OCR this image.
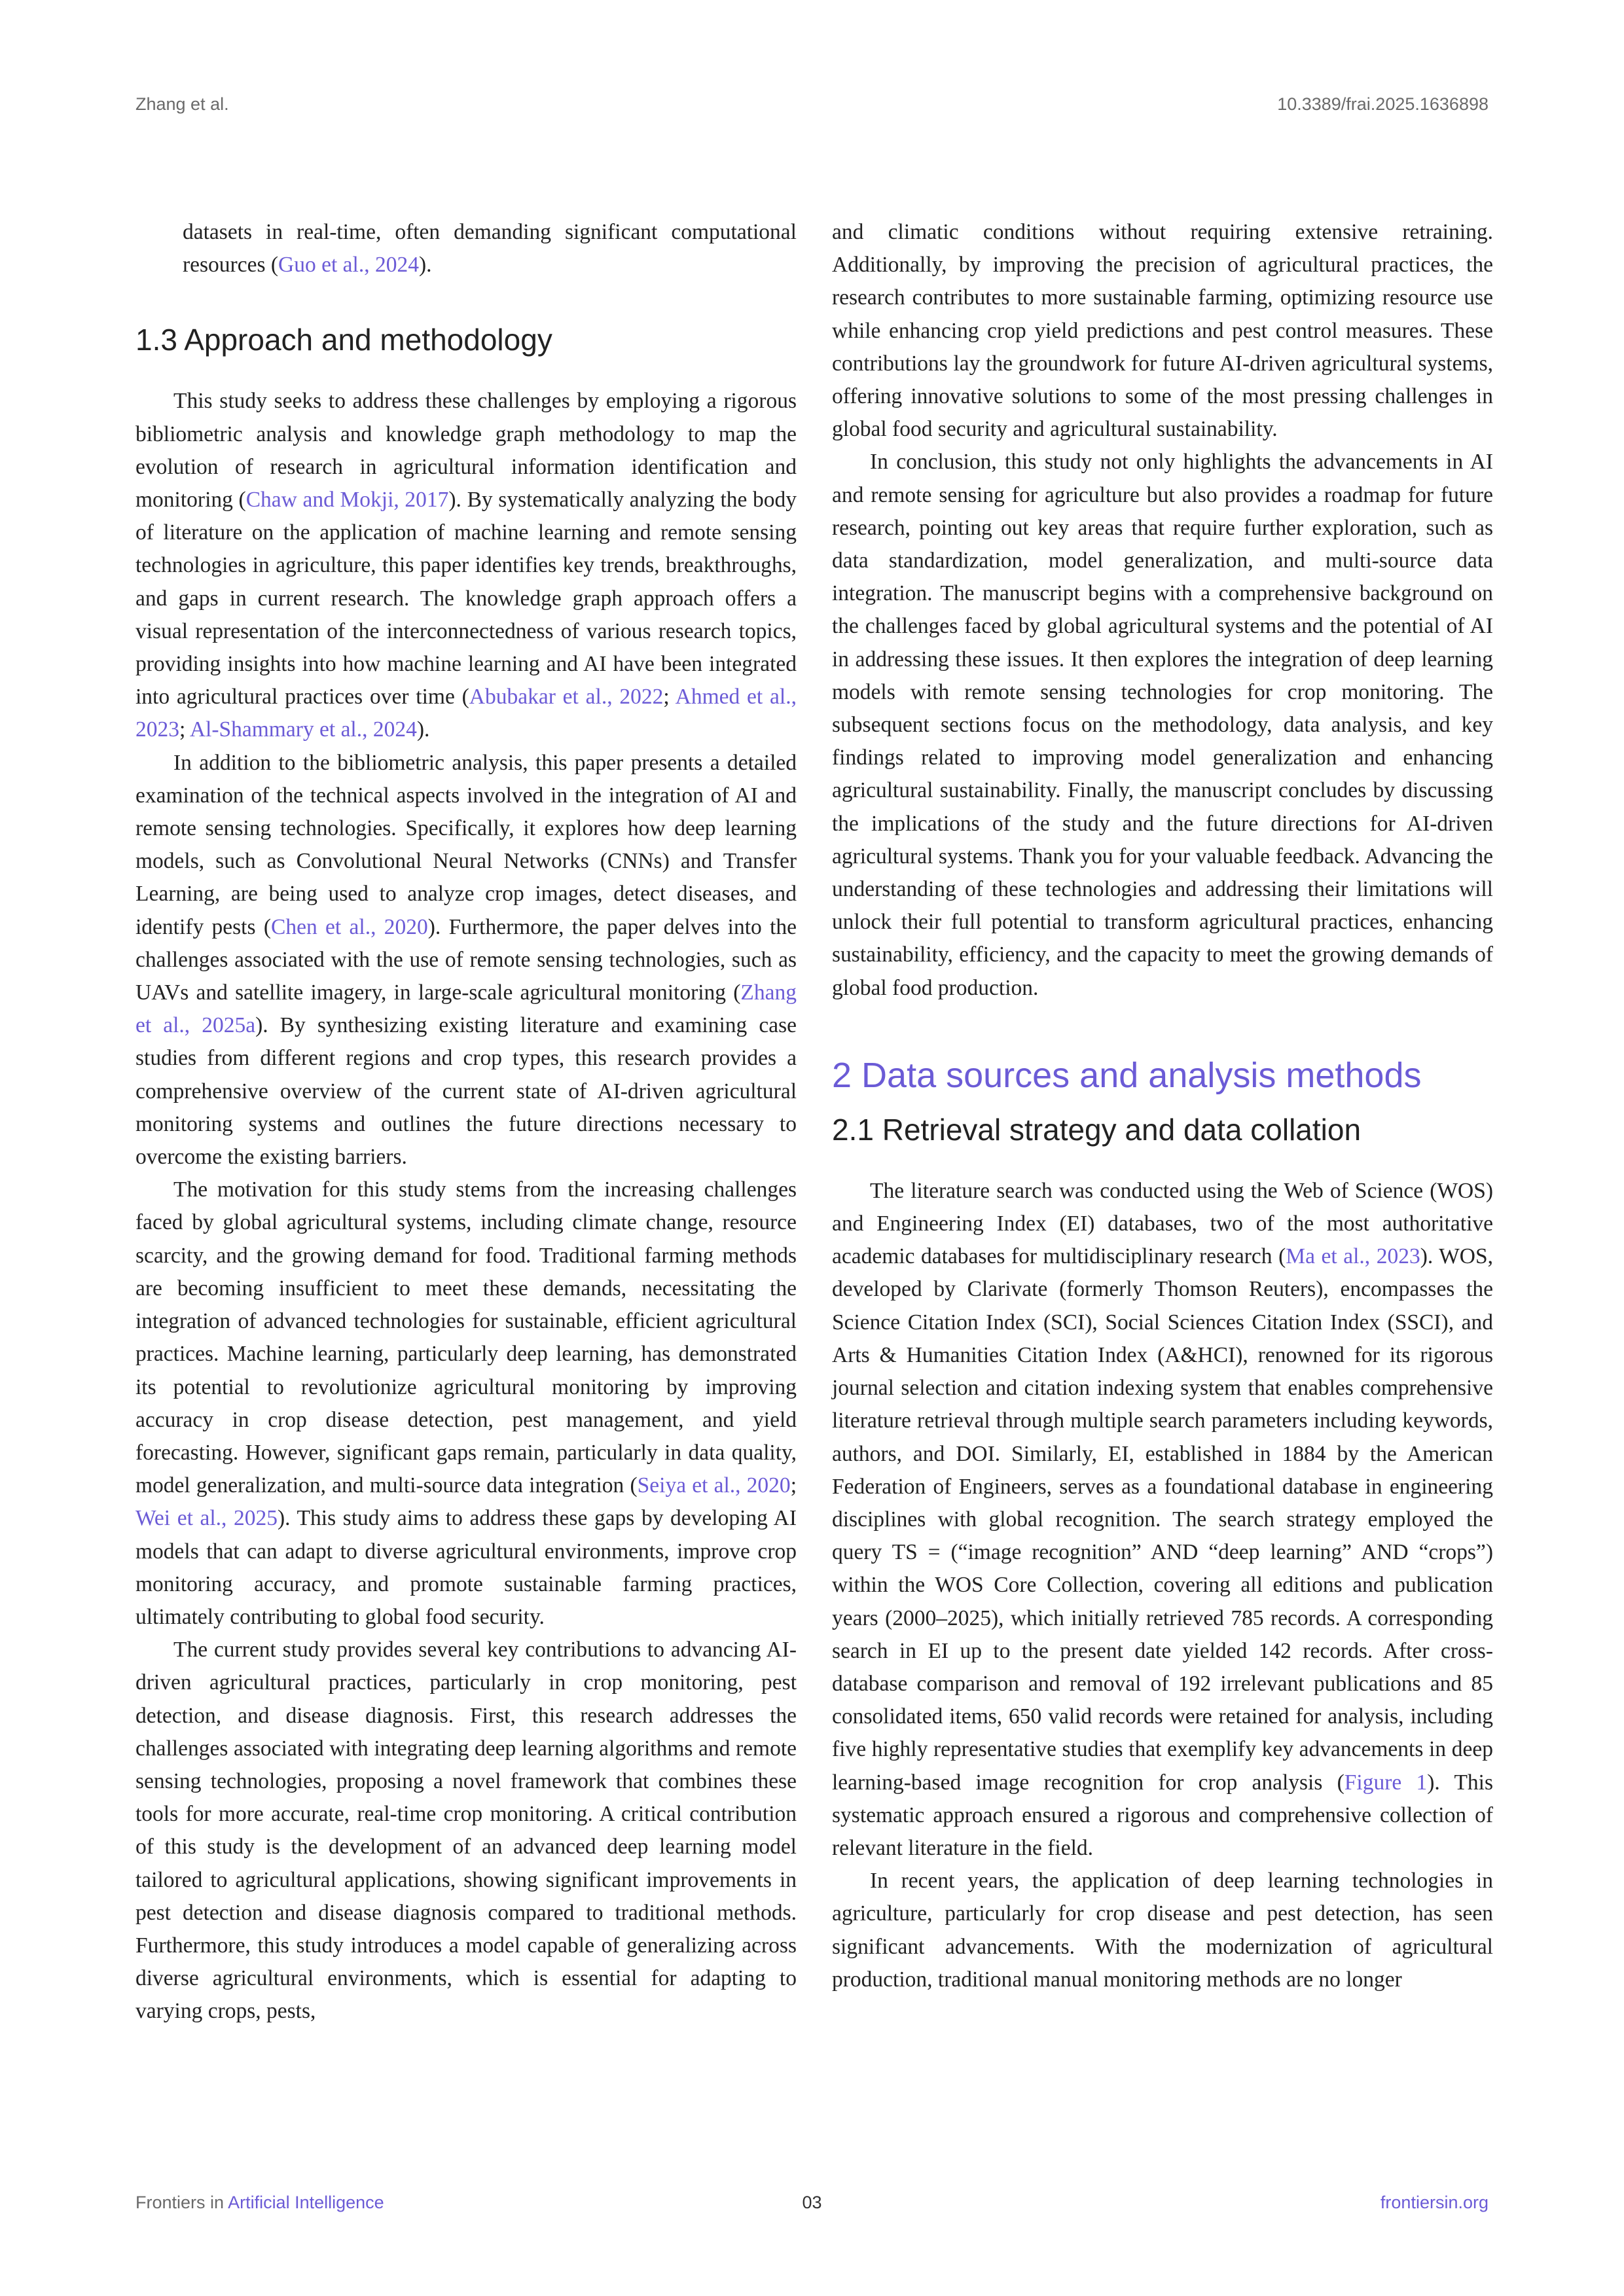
Zhang et al.	10.3389/frai.2025.1636898

datasets in real-time, often demanding significant computational resources (Guo et al., 2024).

1.3 Approach and methodology

This study seeks to address these challenges by employing a rigorous bibliometric analysis and knowledge graph methodology to map the evolution of research in agricultural information identification and monitoring (Chaw and Mokji, 2017). By systematically analyzing the body of literature on the application of machine learning and remote sensing technologies in agriculture, this paper identifies key trends, breakthroughs, and gaps in current research. The knowledge graph approach offers a visual representation of the interconnectedness of various research topics, providing insights into how machine learning and AI have been integrated into agricultural practices over time (Abubakar et al., 2022; Ahmed et al., 2023; Al-Shammary et al., 2024).

In addition to the bibliometric analysis, this paper presents a detailed examination of the technical aspects involved in the integration of AI and remote sensing technologies. Specifically, it explores how deep learning models, such as Convolutional Neural Networks (CNNs) and Transfer Learning, are being used to analyze crop images, detect diseases, and identify pests (Chen et al., 2020). Furthermore, the paper delves into the challenges associated with the use of remote sensing technologies, such as UAVs and satellite imagery, in large-scale agricultural monitoring (Zhang et al., 2025a). By synthesizing existing literature and examining case studies from different regions and crop types, this research provides a comprehensive overview of the current state of AI-driven agricultural monitoring systems and outlines the future directions necessary to overcome the existing barriers.

The motivation for this study stems from the increasing challenges faced by global agricultural systems, including climate change, resource scarcity, and the growing demand for food. Traditional farming methods are becoming insufficient to meet these demands, necessitating the integration of advanced technologies for sustainable, efficient agricultural practices. Machine learning, particularly deep learning, has demonstrated its potential to revolutionize agricultural monitoring by improving accuracy in crop disease detection, pest management, and yield forecasting. However, significant gaps remain, particularly in data quality, model generalization, and multi-source data integration (Seiya et al., 2020; Wei et al., 2025). This study aims to address these gaps by developing AI models that can adapt to diverse agricultural environments, improve crop monitoring accuracy, and promote sustainable farming practices, ultimately contributing to global food security.

The current study provides several key contributions to advancing AI-driven agricultural practices, particularly in crop monitoring, pest detection, and disease diagnosis. First, this research addresses the challenges associated with integrating deep learning algorithms and remote sensing technologies, proposing a novel framework that combines these tools for more accurate, real-time crop monitoring. A critical contribution of this study is the development of an advanced deep learning model tailored to agricultural applications, showing significant improvements in pest detection and disease diagnosis compared to traditional methods. Furthermore, this study introduces a model capable of generalizing across diverse agricultural environments, which is essential for adapting to varying crops, pests,

and climatic conditions without requiring extensive retraining. Additionally, by improving the precision of agricultural practices, the research contributes to more sustainable farming, optimizing resource use while enhancing crop yield predictions and pest control measures. These contributions lay the groundwork for future AI-driven agricultural systems, offering innovative solutions to some of the most pressing challenges in global food security and agricultural sustainability.

In conclusion, this study not only highlights the advancements in AI and remote sensing for agriculture but also provides a roadmap for future research, pointing out key areas that require further exploration, such as data standardization, model generalization, and multi-source data integration. The manuscript begins with a comprehensive background on the challenges faced by global agricultural systems and the potential of AI in addressing these issues. It then explores the integration of deep learning models with remote sensing technologies for crop monitoring. The subsequent sections focus on the methodology, data analysis, and key findings related to improving model generalization and enhancing agricultural sustainability. Finally, the manuscript concludes by discussing the implications of the study and the future directions for AI-driven agricultural systems. Thank you for your valuable feedback. Advancing the understanding of these technologies and addressing their limitations will unlock their full potential to transform agricultural practices, enhancing sustainability, efficiency, and the capacity to meet the growing demands of global food production.

2 Data sources and analysis methods
2.1 Retrieval strategy and data collation

The literature search was conducted using the Web of Science (WOS) and Engineering Index (EI) databases, two of the most authoritative academic databases for multidisciplinary research (Ma et al., 2023). WOS, developed by Clarivate (formerly Thomson Reuters), encompasses the Science Citation Index (SCI), Social Sciences Citation Index (SSCI), and Arts & Humanities Citation Index (A&HCI), renowned for its rigorous journal selection and citation indexing system that enables comprehensive literature retrieval through multiple search parameters including keywords, authors, and DOI. Similarly, EI, established in 1884 by the American Federation of Engineers, serves as a foundational database in engineering disciplines with global recognition. The search strategy employed the query TS = (“image recognition” AND “deep learning” AND “crops”) within the WOS Core Collection, covering all editions and publication years (2000–2025), which initially retrieved 785 records. A corresponding search in EI up to the present date yielded 142 records. After cross-database comparison and removal of 192 irrelevant publications and 85 consolidated items, 650 valid records were retained for analysis, including five highly representative studies that exemplify key advancements in deep learning-based image recognition for crop analysis (Figure 1). This systematic approach ensured a rigorous and comprehensive collection of relevant literature in the field.

In recent years, the application of deep learning technologies in agriculture, particularly for crop disease and pest detection, has seen significant advancements. With the modernization of agricultural production, traditional manual monitoring methods are no longer

Frontiers in Artificial Intelligence	03	frontiersin.org
